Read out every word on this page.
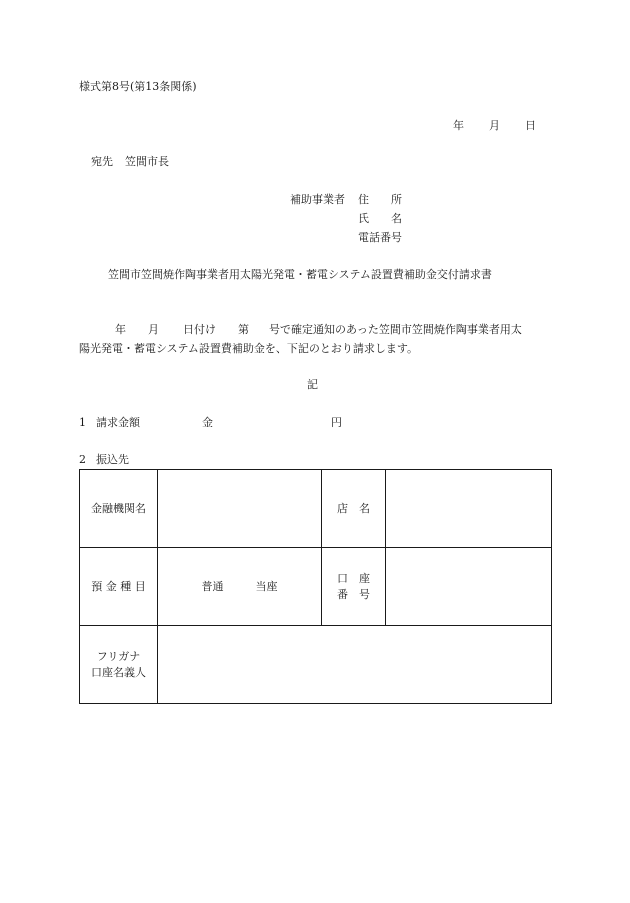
様式第8号(第13条関係)
年 月 日
宛先 笠間市長
補助事業者 住　　所
氏　　名
電話番号
笠間市笠間焼作陶事業者用太陽光発電・蓄電システム設置費補助金交付請求書
年 月 日付け 第 号で確定通知のあった笠間市笠間焼作陶事業者用太
陽光発電・蓄電システム設置費補助金を、下記のとおり請求します。
記
1 請求金額	金	円
2 振込先
金融機関名		店　名	
預 金 種 目	普通 当座	口　座
番　号	

フリガナ
口座名義人			
